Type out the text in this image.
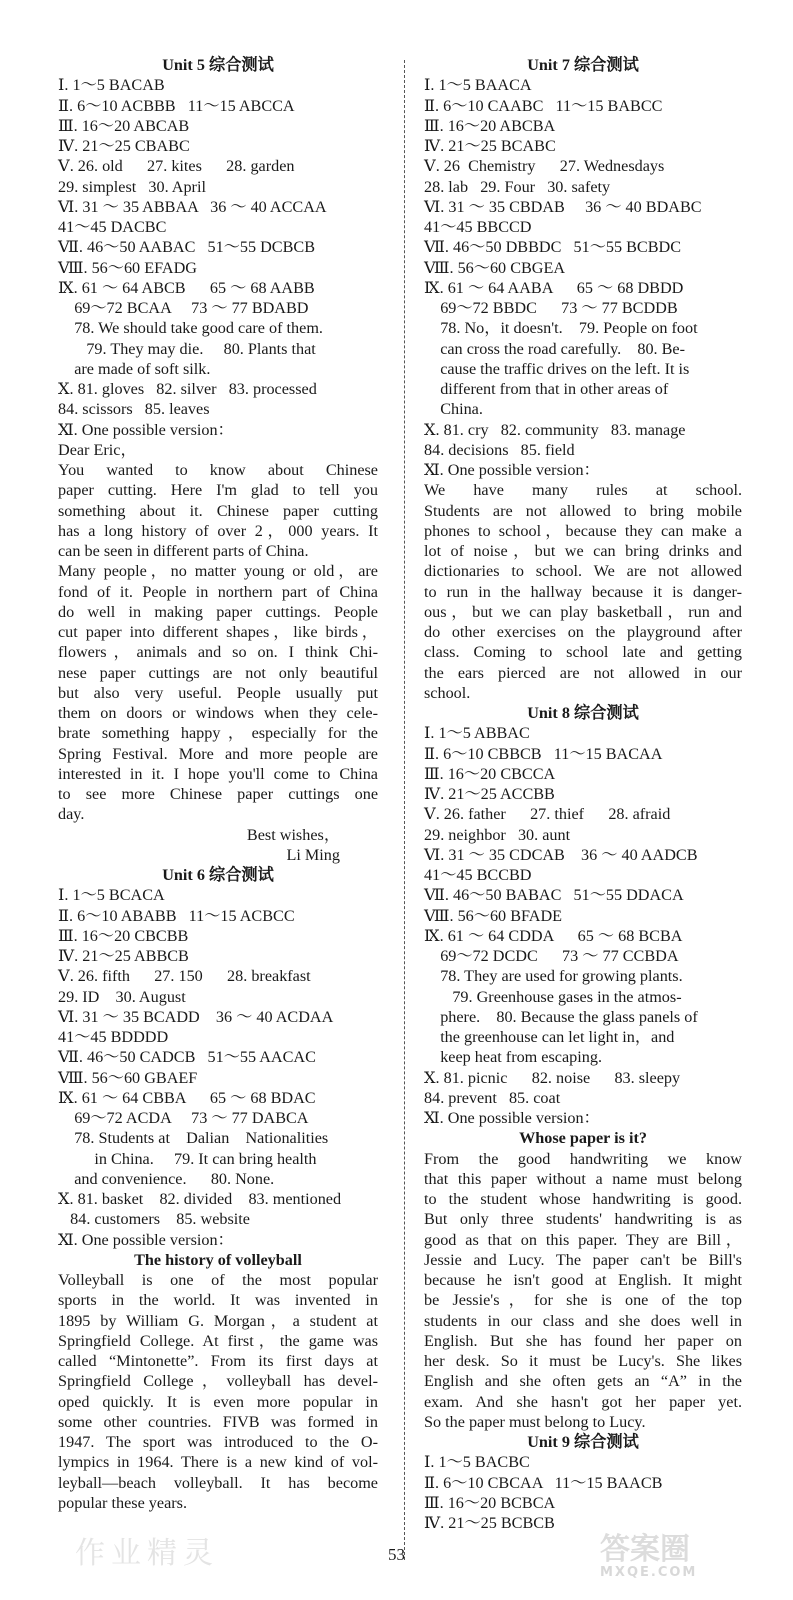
Unit 5 综合测试
Ⅰ. 1～5 BACAB
Ⅱ. 6～10 ACBBB   11～15 ABCCA
Ⅲ. 16～20 ABCAB
Ⅳ. 21～25 CBABC
Ⅴ. 26. old      27. kites      28. garden
29. simplest   30. April
Ⅵ. 31 ～ 35 ABBAA   36 ～ 40 ACCAA
41～45 DACBC
Ⅶ. 46～50 AABAC   51～55 DCBCB
Ⅷ. 56～60 EFADG
Ⅸ. 61 ～ 64 ABCB      65 ～ 68 AABB
69～72 BCAA     73 ～ 77 BDABD
78. We should take good care of them.
79. They may die.     80. Plants that
are made of soft silk.
Ⅹ. 81. gloves   82. silver   83. processed
84. scissors   85. leaves
Ⅺ. One possible version：
Dear Eric，
You wanted to know about Chinese
paper cutting. Here I'm glad to tell you
something about it. Chinese paper cutting
has a long history of over 2，000 years. It
can be seen in different parts of China.
Many people，no matter young or old，are
fond of it. People in northern part of China
do well in making paper cuttings. People
cut paper into different shapes，like birds，
flowers，animals and so on. I think Chi-
nese paper cuttings are not only beautiful
but also very useful. People usually put
them on doors or windows when they cele-
brate something happy，especially for the
Spring Festival. More and more people are
interested in it. I hope you'll come to China
to see more Chinese paper cuttings one
day.
Best wishes，
Li Ming
Unit 6 综合测试
Ⅰ. 1～5 BCACA
Ⅱ. 6～10 ABABB   11～15 ACBCC
Ⅲ. 16～20 CBCBB
Ⅳ. 21～25 ABBCB
Ⅴ. 26. fifth      27. 150      28. breakfast
29. ID    30. August
Ⅵ. 31 ～ 35 BCADD    36 ～ 40 ACDAA
41～45 BDDDD
Ⅶ. 46～50 CADCB   51～55 AACAC
Ⅷ. 56～60 GBAEF
Ⅸ. 61 ～ 64 CBBA      65 ～ 68 BDAC
69～72 ACDA     73 ～ 77 DABCA
78. Students at    Dalian    Nationalities
in China.     79. It can bring health
and convenience.      80. None.
Ⅹ. 81. basket    82. divided    83. mentioned
84. customers    85. website
Ⅺ. One possible version：
The history of volleyball
Volleyball is one of the most popular
sports in the world. It was invented in
1895 by William G. Morgan，a student at
Springfield College. At first，the game was
called “Mintonette”. From its first days at
Springfield College，volleyball has devel-
oped quickly. It is even more popular in
some other countries. FIVB was formed in
1947. The sport was introduced to the O-
lympics in 1964. There is a new kind of vol-
leyball—beach volleyball. It has become
popular these years.
Unit 7 综合测试
Ⅰ. 1～5 BAACA
Ⅱ. 6～10 CAABC   11～15 BABCC
Ⅲ. 16～20 ABCBA
Ⅳ. 21～25 BCABC
Ⅴ. 26  Chemistry      27. Wednesdays
28. lab   29. Four   30. safety
Ⅵ. 31 ～ 35 CBDAB     36 ～ 40 BDABC
41～45 BBCCD
Ⅶ. 46～50 DBBDC   51～55 BCBDC
Ⅷ. 56～60 CBGEA
Ⅸ. 61 ～ 64 AABA      65 ～ 68 DBDD
69～72 BBDC      73 ～ 77 BCDDB
78. No，it doesn't.    79. People on foot
can cross the road carefully.    80. Be-
cause the traffic drives on the left. It is
different from that in other areas of
China.
Ⅹ. 81. cry   82. community   83. manage
84. decisions   85. field
Ⅺ. One possible version：
We have many rules at school.
Students are not allowed to bring mobile
phones to school，because they can make a
lot of noise，but we can bring drinks and
dictionaries to school. We are not allowed
to run in the hallway because it is danger-
ous，but we can play basketball，run and
do other exercises on the playground after
class. Coming to school late and getting
the ears pierced are not allowed in our
school.
Unit 8 综合测试
Ⅰ. 1～5 ABBAC
Ⅱ. 6～10 CBBCB   11～15 BACAA
Ⅲ. 16～20 CBCCA
Ⅳ. 21～25 ACCBB
Ⅴ. 26. father      27. thief      28. afraid
29. neighbor   30. aunt
Ⅵ. 31 ～ 35 CDCAB    36 ～ 40 AADCB
41～45 BCCBD
Ⅶ. 46～50 BABAC   51～55 DDACA
Ⅷ. 56～60 BFADE
Ⅸ. 61 ～ 64 CDDA      65 ～ 68 BCBA
69～72 DCDC      73 ～ 77 CCBDA
78. They are used for growing plants.
79. Greenhouse gases in the atmos-
phere.    80. Because the glass panels of
the greenhouse can let light in，and
keep heat from escaping.
Ⅹ. 81. picnic      82. noise      83. sleepy
84. prevent   85. coat
Ⅺ. One possible version：
Whose paper is it?
From the good handwriting we know
that this paper without a name must belong
to the student whose handwriting is good.
But only three students' handwriting is as
good as that on this paper. They are Bill，
Jessie and Lucy. The paper can't be Bill's
because he isn't good at English. It might
be Jessie's，for she is one of the top
students in our class and she does well in
English. But she has found her paper on
her desk. So it must be Lucy's. She likes
English and she often gets an “A” in the
exam. And she hasn't got her paper yet.
So the paper must belong to Lucy.
Unit 9 综合测试
Ⅰ. 1～5 BACBC
Ⅱ. 6～10 CBCAA   11～15 BAACB
Ⅲ. 16～20 BCBCA
Ⅳ. 21～25 BCBCB
作业精灵	答案圈
MXQE.COM
53
